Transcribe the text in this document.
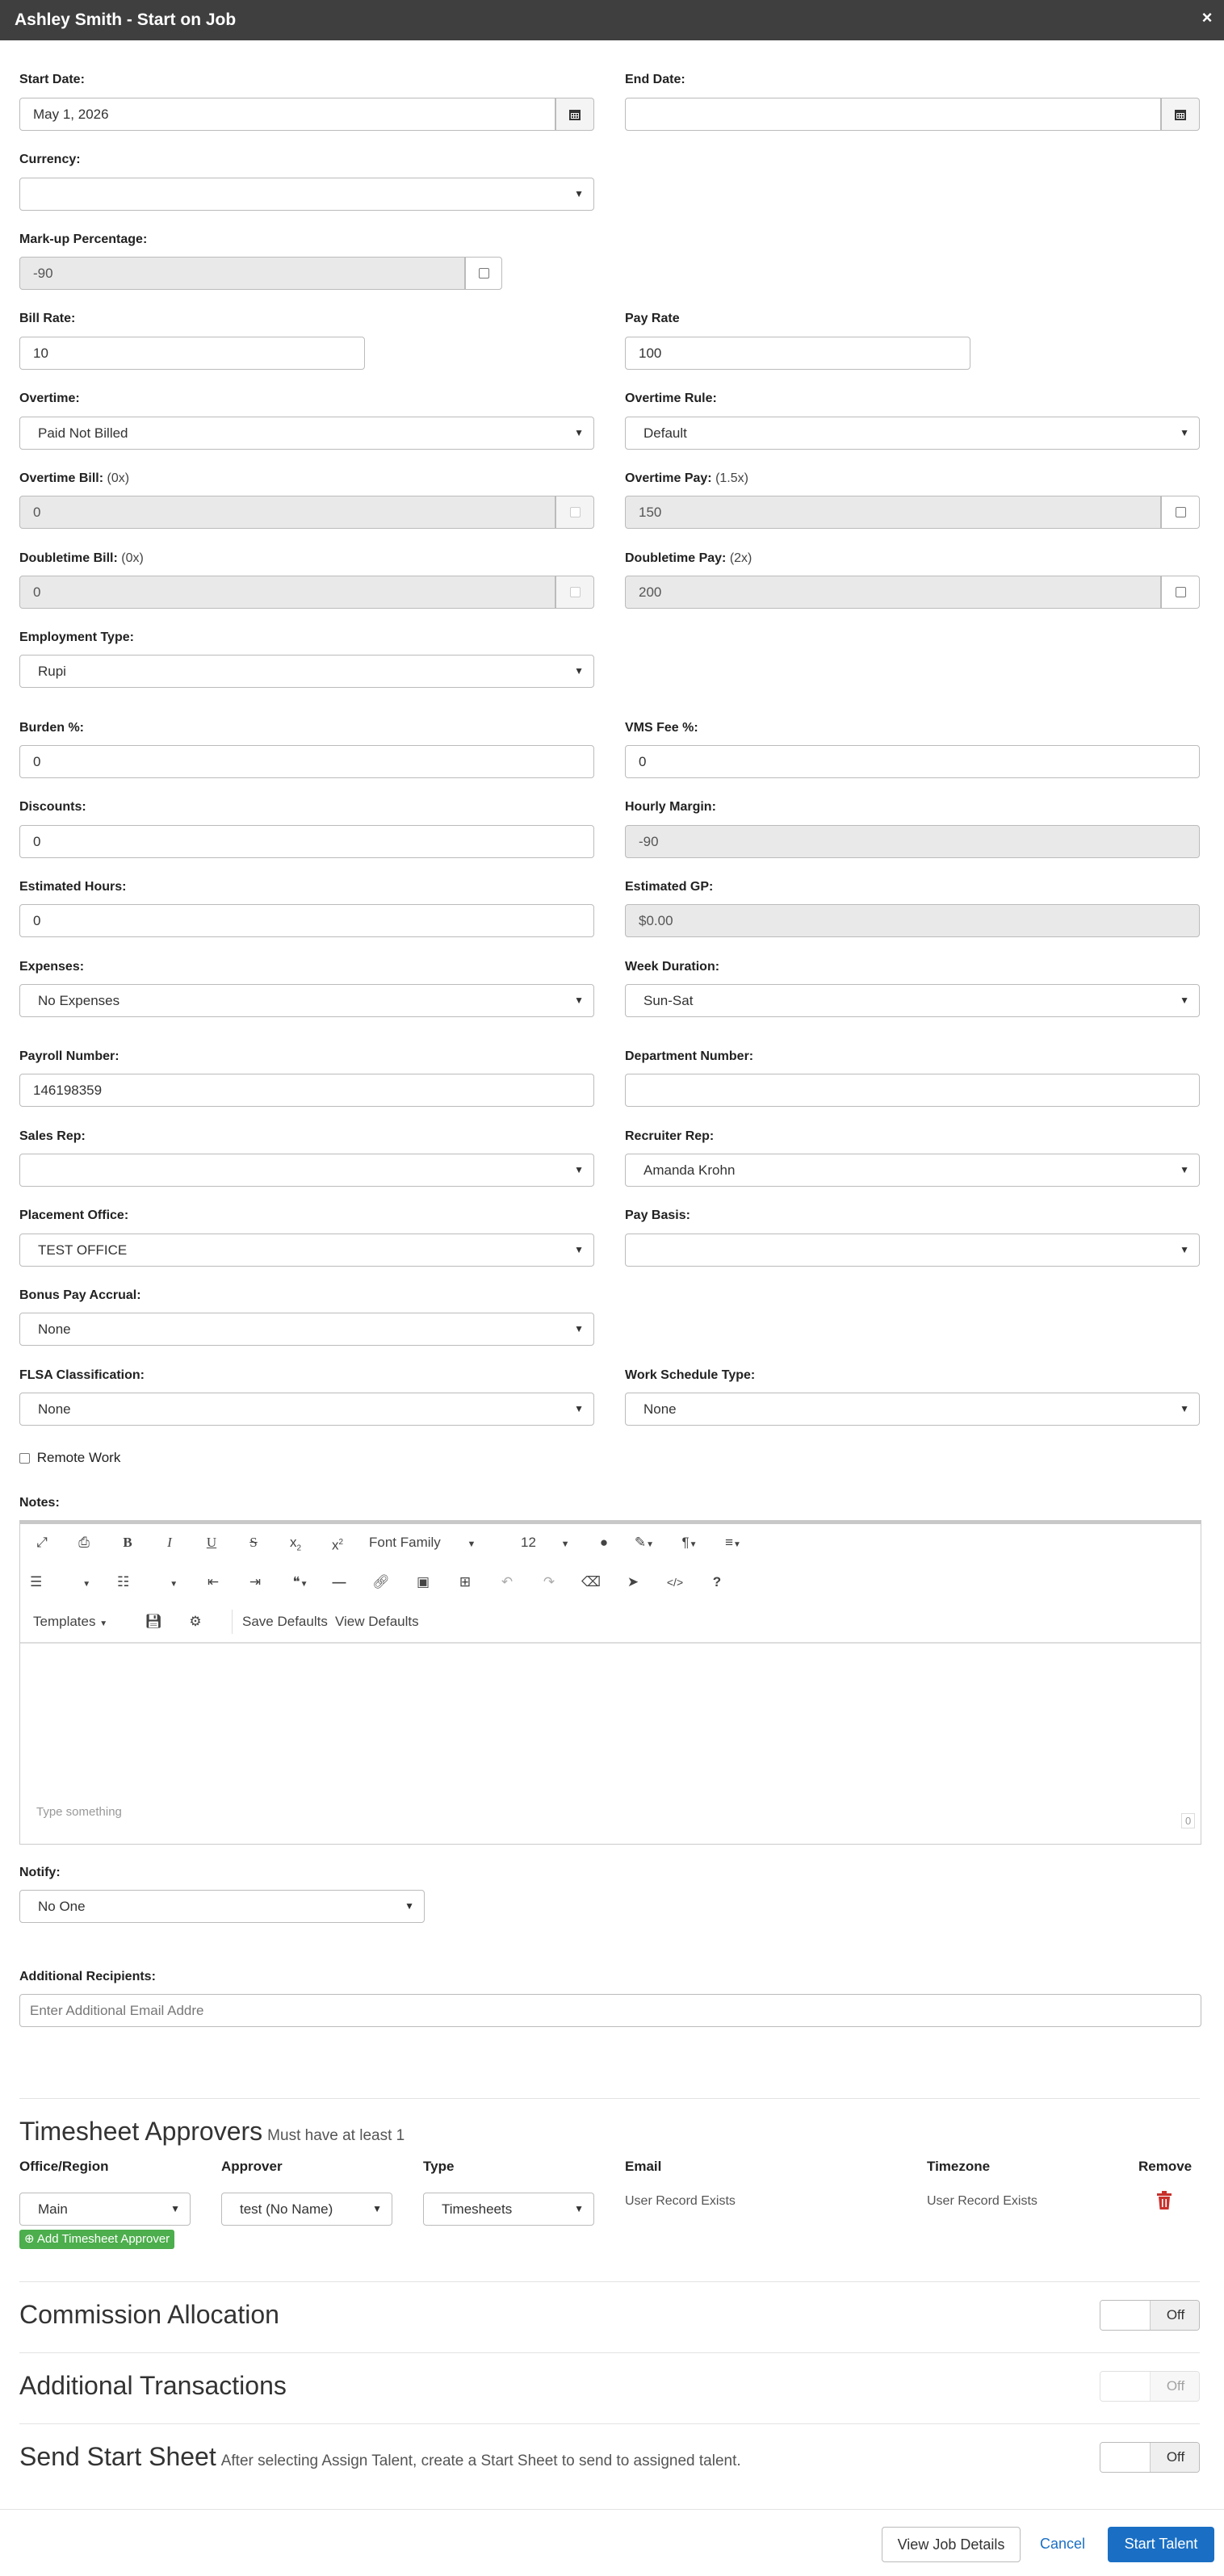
Ashley Smith - Start on Job	×
Start Date:
May 1, 2026
End Date:
Currency:
▼
Mark-up Percentage:
-90
Bill Rate:
10
Pay Rate
100
Overtime:
Paid Not Billed	▼
Overtime Rule:
Default	▼
Overtime Bill: (0x)
0
Overtime Pay: (1.5x)
150
Doubletime Bill: (0x)
0
Doubletime Pay: (2x)
200
Employment Type:
Rupi	▼
Burden %:
0
VMS Fee %:
0
Discounts:
0
Hourly Margin:
-90
Estimated Hours:
0
Estimated GP:
$0.00
Expenses:
No Expenses	▼
Week Duration:
Sun-Sat	▼
Payroll Number:
146198359
Department Number:
Sales Rep:
▼
Recruiter Rep:
Amanda Krohn	▼
Placement Office:
TEST OFFICE	▼
Pay Basis:
▼
Bonus Pay Accrual:
None	▼
FLSA Classification:
None	▼
Work Schedule Type:
None	▼
Remote Work
Notes:
⤢	⎙	B	I	U	S	$x_2$	$x^2$	Font Family	▼	12	▼	●	✎▼	¶▼	≡▼
☰	▼	☷	▼	⇤	⇥	❝▼	—	🔗︎	▣	⊞	↶	↷	⌫	➤	</>	?
Templates ▼	💾︎	⚙	Save Defaults View Defaults
Type something
0
Notify:
No One	▼
Additional Recipients:
Enter Additional Email Addre
Timesheet Approvers Must have at least 1
Office/Region	Approver	Type	Email	Timezone	Remove
Main	▼	test (No Name)	▼	Timesheets	▼
User Record Exists	User Record Exists
⊕ Add Timesheet Approver
Commission Allocation	Off
Additional Transactions	Off
Send Start Sheet After selecting Assign Talent, create a Start Sheet to send to assigned talent.	Off
View Job Details	Cancel	Start Talent
